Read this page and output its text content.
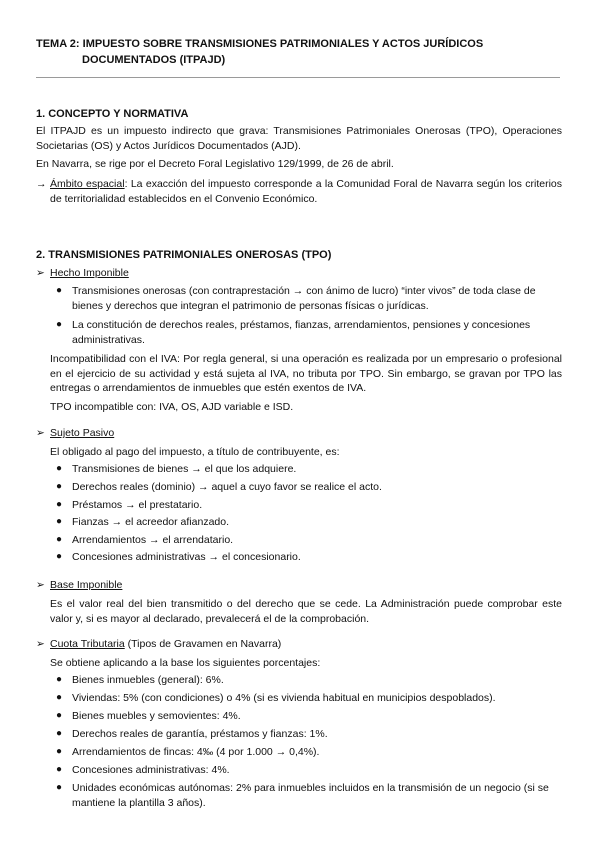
TEMA 2: IMPUESTO SOBRE TRANSMISIONES PATRIMONIALES Y ACTOS JURÍDICOS
DOCUMENTADOS (ITPAJD)
1. CONCEPTO Y NORMATIVA
El ITPAJD es un impuesto indirecto que grava: Transmisiones Patrimoniales Onerosas (TPO), Operaciones Societarias (OS) y Actos Jurídicos Documentados (AJD).
En Navarra, se rige por el Decreto Foral Legislativo 129/1999, de 26 de abril.
→ Ámbito espacial: La exacción del impuesto corresponde a la Comunidad Foral de Navarra según los criterios de territorialidad establecidos en el Convenio Económico.
2. TRANSMISIONES PATRIMONIALES ONEROSAS (TPO)
➢ Hecho Imponible
● Transmisiones onerosas (con contraprestación → con ánimo de lucro) “inter vivos” de toda clase de bienes y derechos que integran el patrimonio de personas físicas o jurídicas.
● La constitución de derechos reales, préstamos, fianzas, arrendamientos, pensiones y concesiones administrativas.
Incompatibilidad con el IVA: Por regla general, si una operación es realizada por un empresario o profesional en el ejercicio de su actividad y está sujeta al IVA, no tributa por TPO. Sin embargo, se gravan por TPO las entregas o arrendamientos de inmuebles que estén exentos de IVA.
TPO incompatible con: IVA, OS, AJD variable e ISD.
➢ Sujeto Pasivo
El obligado al pago del impuesto, a título de contribuyente, es:
● Transmisiones de bienes → el que los adquiere.
● Derechos reales (dominio) → aquel a cuyo favor se realice el acto.
● Préstamos → el prestatario.
● Fianzas → el acreedor afianzado.
● Arrendamientos → el arrendatario.
● Concesiones administrativas → el concesionario.
➢ Base Imponible
Es el valor real del bien transmitido o del derecho que se cede. La Administración puede comprobar este valor y, si es mayor al declarado, prevalecerá el de la comprobación.
➢ Cuota Tributaria (Tipos de Gravamen en Navarra)
Se obtiene aplicando a la base los siguientes porcentajes:
● Bienes inmuebles (general): 6%.
● Viviendas: 5% (con condiciones) o 4% (si es vivienda habitual en municipios despoblados).
● Bienes muebles y semovientes: 4%.
● Derechos reales de garantía, préstamos y fianzas: 1%.
● Arrendamientos de fincas: 4‰ (4 por 1.000 → 0,4%).
● Concesiones administrativas: 4%.
● Unidades económicas autónomas: 2% para inmuebles incluidos en la transmisión de un negocio (si se mantiene la plantilla 3 años).
